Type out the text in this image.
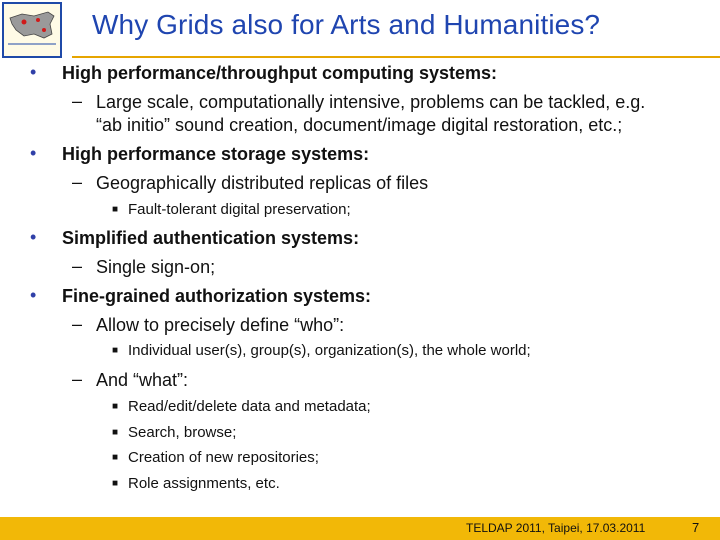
Why Grids also for Arts and Humanities?
• High performance/throughput computing systems:
– Large scale, computationally intensive, problems can be tackled, e.g.
“ab initio” sound creation, document/image digital restoration, etc.;
• High performance storage systems:
– Geographically distributed replicas of files
■ Fault-tolerant digital preservation;
• Simplified authentication systems:
– Single sign-on;
• Fine-grained authorization systems:
– Allow to precisely define “who”:
■ Individual user(s), group(s), organization(s), the whole world;
– And “what”:
■ Read/edit/delete data and metadata;
■ Search, browse;
■ Creation of new repositories;
■ Role assignments, etc.
TELDAP 2011, Taipei, 17.03.2011	7
